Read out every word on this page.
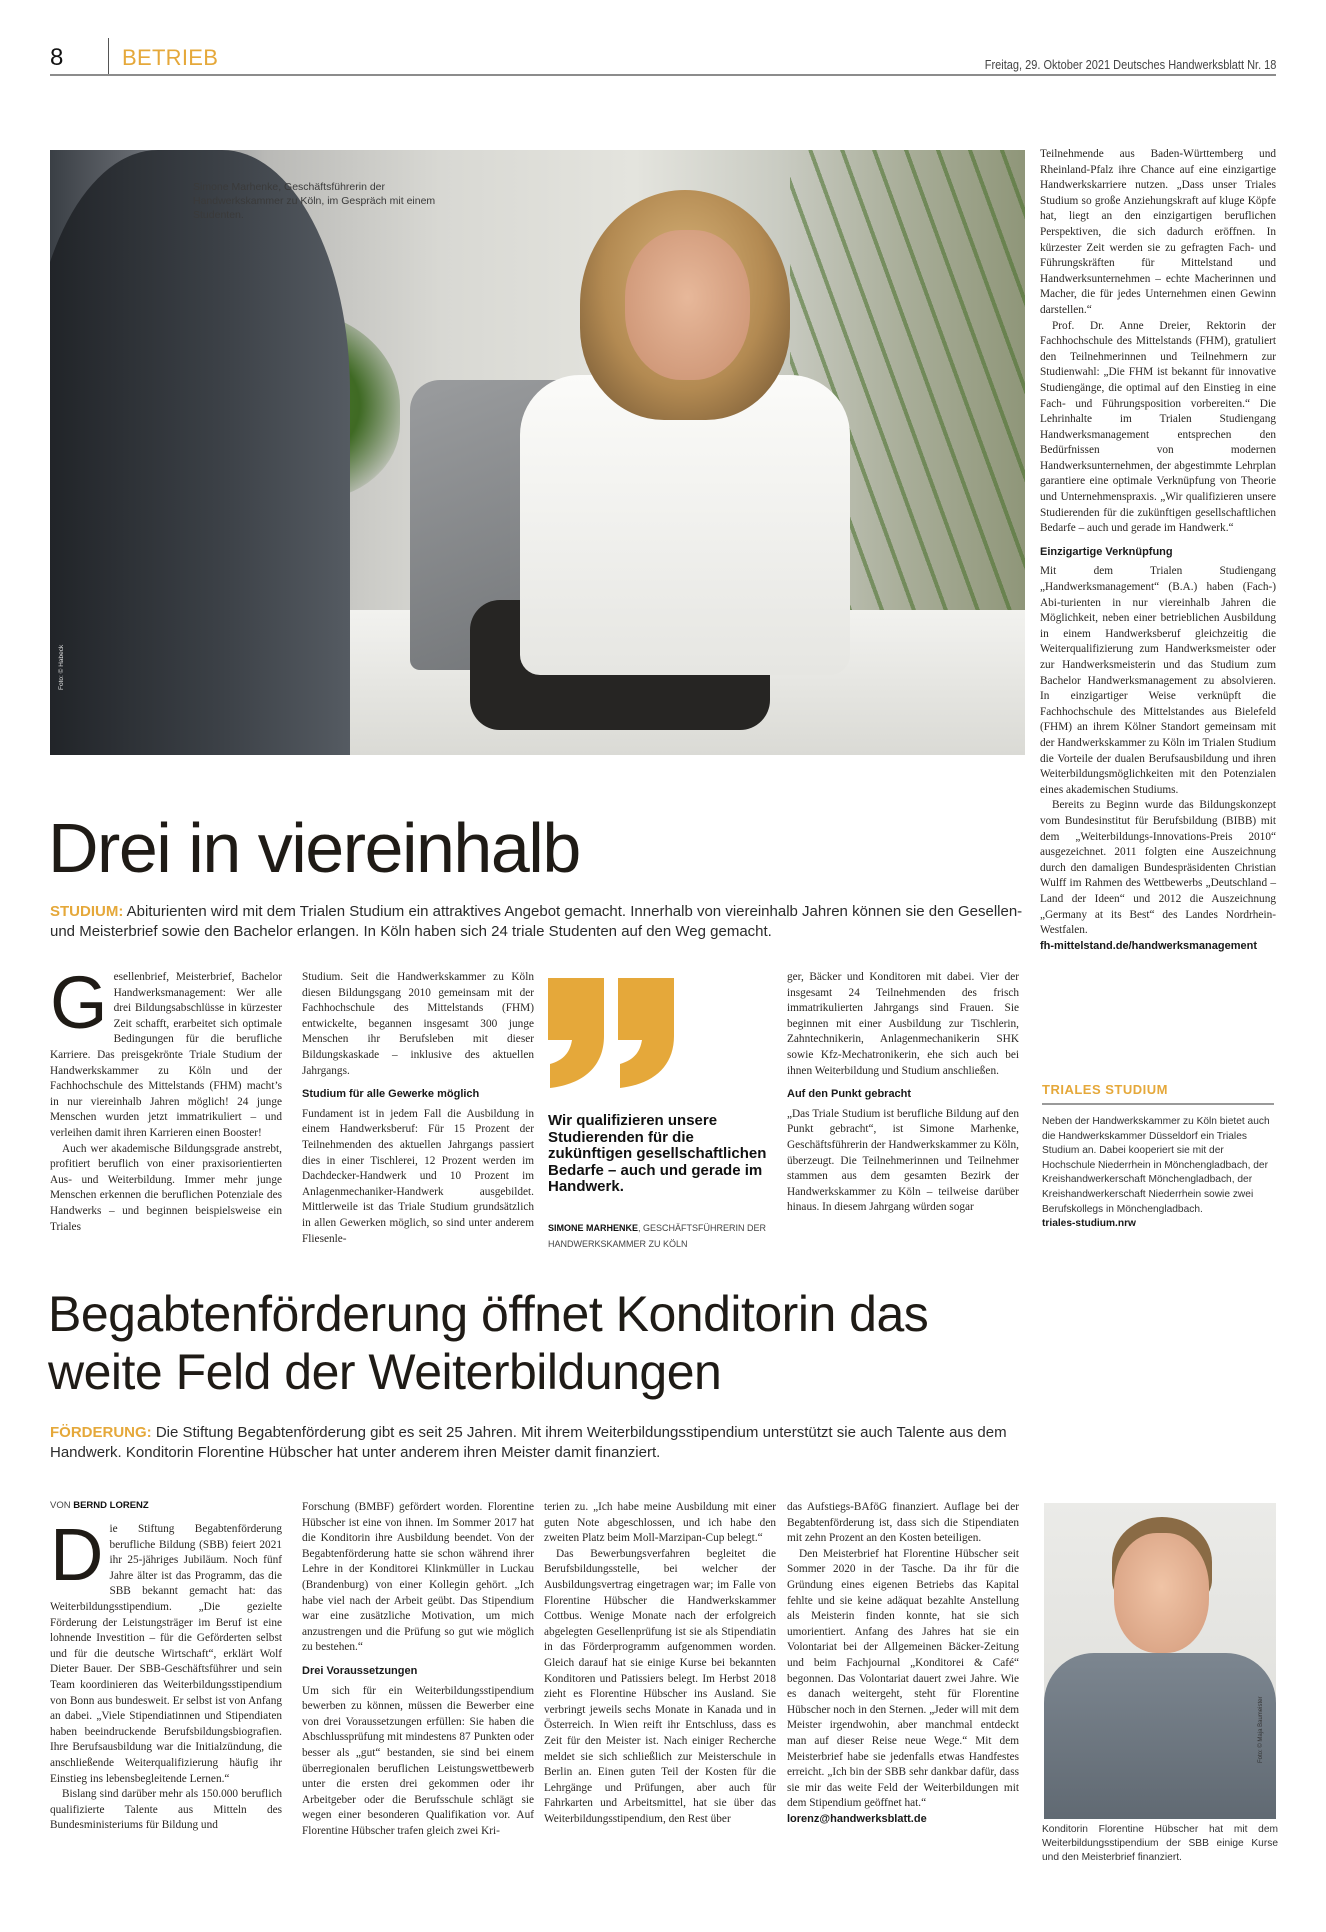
8	BETRIEB	Freitag, 29. Oktober 2021 Deutsches Handwerksblatt Nr. 18
Simone Marhenke, Geschäftsführerin der Handwerkskammer zu Köln, im Gespräch mit einem Studenten.
Foto: © Habeck
Drei in viereinhalb
STUDIUM: Abiturienten wird mit dem Trialen Studium ein attraktives Angebot gemacht. Innerhalb von viereinhalb Jahren können sie den Gesellen- und Meisterbrief sowie den Bachelor erlangen. In Köln haben sich 24 triale Studenten auf den Weg gemacht.

Gesellenbrief, Meisterbrief, Bachelor Handwerksmanagement: Wer alle drei Bildungsabschlüsse in kürzester Zeit schafft, erarbeitet sich optimale Bedingungen für die berufliche Karriere. Das preisgekrönte Triale Studium der Handwerkskammer zu Köln und der Fachhochschule des Mittelstands (FHM) macht’s in nur viereinhalb Jahren möglich! 24 junge Menschen wurden jetzt immatrikuliert – und verleihen damit ihren Karrieren einen Booster!

Auch wer akademische Bildungsgrade anstrebt, profitiert beruflich von einer praxisorientierten Aus- und Weiterbildung. Immer mehr junge Menschen erkennen die beruflichen Potenziale des Handwerks – und beginnen beispielsweise ein Triales

Studium. Seit die Handwerkskammer zu Köln diesen Bildungsgang 2010 gemeinsam mit der Fachhochschule des Mittelstands (FHM) entwickelte, begannen insgesamt 300 junge Menschen ihr Berufsleben mit dieser Bildungskaskade – inklusive des aktuellen Jahrgangs.

Studium für alle Gewerke möglich

Fundament ist in jedem Fall die Ausbildung in einem Handwerksberuf: Für 15 Prozent der Teilnehmenden des aktuellen Jahrgangs passiert dies in einer Tischlerei, 12 Prozent werden im Dachdecker-Handwerk und 10 Prozent im Anlagenmechaniker-Handwerk ausgebildet. Mittlerweile ist das Triale Studium grundsätzlich in allen Gewerken möglich, so sind unter anderem Fliesenle-

Wir qualifizieren unsere Studierenden für die zukünftigen gesellschaftlichen Bedarfe – auch und gerade im Handwerk.
SIMONE MARHENKE, GESCHÄFTSFÜHRERIN DER HANDWERKSKAMMER ZU KÖLN

ger, Bäcker und Konditoren mit dabei. Vier der insgesamt 24 Teilnehmenden des frisch immatrikulierten Jahrgangs sind Frauen. Sie beginnen mit einer Ausbildung zur Tischlerin, Zahntechnikerin, Anlagenmechanikerin SHK sowie Kfz-Mechatronikerin, ehe sich auch bei ihnen Weiterbildung und Studium anschließen.

Auf den Punkt gebracht

„Das Triale Studium ist berufliche Bildung auf den Punkt gebracht“, ist Simone Marhenke, Geschäftsführerin der Handwerkskammer zu Köln, überzeugt. Die Teilnehmerinnen und Teilnehmer stammen aus dem gesamten Bezirk der Handwerkskammer zu Köln – teilweise darüber hinaus. In diesem Jahrgang würden sogar

Teilnehmende aus Baden-Württemberg und Rheinland-Pfalz ihre Chance auf eine einzigartige Handwerkskarriere nutzen. „Dass unser Triales Studium so große Anziehungskraft auf kluge Köpfe hat, liegt an den einzigartigen beruflichen Perspektiven, die sich dadurch eröffnen. In kürzester Zeit werden sie zu gefragten Fach- und Führungskräften für Mittelstand und Handwerksunternehmen – echte Macherinnen und Macher, die für jedes Unternehmen einen Gewinn darstellen.“

Prof. Dr. Anne Dreier, Rektorin der Fachhochschule des Mittelstands (FHM), gratuliert den Teilnehmerinnen und Teilnehmern zur Studienwahl: „Die FHM ist bekannt für innovative Studiengänge, die optimal auf den Einstieg in eine Fach- und Führungsposition vorbereiten.“ Die Lehrinhalte im Trialen Studiengang Handwerksmanagement entsprechen den Bedürfnissen von modernen Handwerksunternehmen, der abgestimmte Lehrplan garantiere eine optimale Verknüpfung von Theorie und Unternehmenspraxis. „Wir qualifizieren unsere Studierenden für die zukünftigen gesellschaftlichen Bedarfe – auch und gerade im Handwerk.“

Einzigartige Verknüpfung

Mit dem Trialen Studiengang „Handwerksmanagement“ (B.A.) haben (Fach-) Abi-turienten in nur viereinhalb Jahren die Möglichkeit, neben einer betrieblichen Ausbildung in einem Handwerksberuf gleichzeitig die Weiterqualifizierung zum Handwerksmeister oder zur Handwerksmeisterin und das Studium zum Bachelor Handwerksmanagement zu absolvieren. In einzigartiger Weise verknüpft die Fachhochschule des Mittelstandes aus Bielefeld (FHM) an ihrem Kölner Standort gemeinsam mit der Handwerkskammer zu Köln im Trialen Studium die Vorteile der dualen Berufsausbildung und ihren Weiterbildungsmöglichkeiten mit den Potenzialen eines akademischen Studiums.

Bereits zu Beginn wurde das Bildungskonzept vom Bundesinstitut für Berufsbildung (BIBB) mit dem „Weiterbildungs-Innovations-Preis 2010“ ausgezeichnet. 2011 folgten eine Auszeichnung durch den damaligen Bundespräsidenten Christian Wulff im Rahmen des Wettbewerbs „Deutschland – Land der Ideen“ und 2012 die Auszeichnung „Germany at its Best“ des Landes Nordrhein-Westfalen.

fh-mittelstand.de/handwerksmanagement

TRIALES STUDIUM
Neben der Handwerkskammer zu Köln bietet auch die Handwerkskammer Düsseldorf ein Triales Studium an. Dabei kooperiert sie mit der Hochschule Niederrhein in Mönchengladbach, der Kreishandwerkerschaft Mönchengladbach, der Kreishandwerkerschaft Niederrhein sowie zwei Berufskollegs in Mönchengladbach.
triales-studium.nrw
Begabtenförderung öffnet Konditorin das weite Feld der Weiterbildungen
FÖRDERUNG: Die Stiftung Begabtenförderung gibt es seit 25 Jahren. Mit ihrem Weiterbildungsstipendium unterstützt sie auch Talente aus dem Handwerk. Konditorin Florentine Hübscher hat unter anderem ihren Meister damit finanziert.
VON BERND LORENZ

Die Stiftung Begabtenförderung berufliche Bildung (SBB) feiert 2021 ihr 25-jähriges Jubiläum. Noch fünf Jahre älter ist das Programm, das die SBB bekannt gemacht hat: das Weiterbildungsstipendium. „Die gezielte Förderung der Leistungsträger im Beruf ist eine lohnende Investition – für die Geförderten selbst und für die deutsche Wirtschaft“, erklärt Wolf Dieter Bauer. Der SBB-Geschäftsführer und sein Team koordinieren das Weiterbildungsstipendium von Bonn aus bundesweit. Er selbst ist von Anfang an dabei. „Viele Stipendiatinnen und Stipendiaten haben beeindruckende Berufsbildungsbiografien. Ihre Berufsausbildung war die Initialzündung, die anschließende Weiterqualifizierung häufig ihr Einstieg ins lebensbegleitende Lernen.“

Bislang sind darüber mehr als 150.000 beruflich qualifizierte Talente aus Mitteln des Bundesministeriums für Bildung und

Forschung (BMBF) gefördert worden. Florentine Hübscher ist eine von ihnen. Im Sommer 2017 hat die Konditorin ihre Ausbildung beendet. Von der Begabtenförderung hatte sie schon während ihrer Lehre in der Konditorei Klinkmüller in Luckau (Brandenburg) von einer Kollegin gehört. „Ich habe viel nach der Arbeit geübt. Das Stipendium war eine zusätzliche Motivation, um mich anzustrengen und die Prüfung so gut wie möglich zu bestehen.“

Drei Voraussetzungen

Um sich für ein Weiterbildungsstipendium bewerben zu können, müssen die Bewerber eine von drei Voraussetzungen erfüllen: Sie haben die Abschlussprüfung mit mindestens 87 Punkten oder besser als „gut“ bestanden, sie sind bei einem überregionalen beruflichen Leistungswettbewerb unter die ersten drei gekommen oder ihr Arbeitgeber oder die Berufsschule schlägt sie wegen einer besonderen Qualifikation vor. Auf Florentine Hübscher trafen gleich zwei Kri-

terien zu. „Ich habe meine Ausbildung mit einer guten Note abgeschlossen, und ich habe den zweiten Platz beim Moll-Marzipan-Cup belegt.“

Das Bewerbungsverfahren begleitet die Berufsbildungsstelle, bei welcher der Ausbildungsvertrag eingetragen war; im Falle von Florentine Hübscher die Handwerkskammer Cottbus. Wenige Monate nach der erfolgreich abgelegten Gesellenprüfung ist sie als Stipendiatin in das Förderprogramm aufgenommen worden. Gleich darauf hat sie einige Kurse bei bekannten Konditoren und Patissiers belegt. Im Herbst 2018 zieht es Florentine Hübscher ins Ausland. Sie verbringt jeweils sechs Monate in Kanada und in Österreich. In Wien reift ihr Entschluss, dass es Zeit für den Meister ist. Nach einiger Recherche meldet sie sich schließlich zur Meisterschule in Berlin an. Einen guten Teil der Kosten für die Lehrgänge und Prüfungen, aber auch für Fahrkarten und Arbeitsmittel, hat sie über das Weiterbildungsstipendium, den Rest über

das Aufstiegs-BAföG finanziert. Auflage bei der Begabtenförderung ist, dass sich die Stipendiaten mit zehn Prozent an den Kosten beteiligen.

Den Meisterbrief hat Florentine Hübscher seit Sommer 2020 in der Tasche. Da ihr für die Gründung eines eigenen Betriebs das Kapital fehlte und sie keine adäquat bezahlte Anstellung als Meisterin finden konnte, hat sie sich umorientiert. Anfang des Jahres hat sie ein Volontariat bei der Allgemeinen Bäcker-Zeitung und beim Fachjournal „Konditorei & Café“ begonnen. Das Volontariat dauert zwei Jahre. Wie es danach weitergeht, steht für Florentine Hübscher noch in den Sternen. „Jeder will mit dem Meister irgendwohin, aber manchmal entdeckt man auf dieser Reise neue Wege.“ Mit dem Meisterbrief habe sie jedenfalls etwas Handfestes erreicht. „Ich bin der SBB sehr dankbar dafür, dass sie mir das weite Feld der Weiterbildungen mit dem Stipendium geöffnet hat.“

lorenz@handwerksblatt.de

Foto: © Maja Baumeister
Konditorin Florentine Hübscher hat mit dem Weiterbildungsstipendium der SBB einige Kurse und den Meisterbrief finanziert.
